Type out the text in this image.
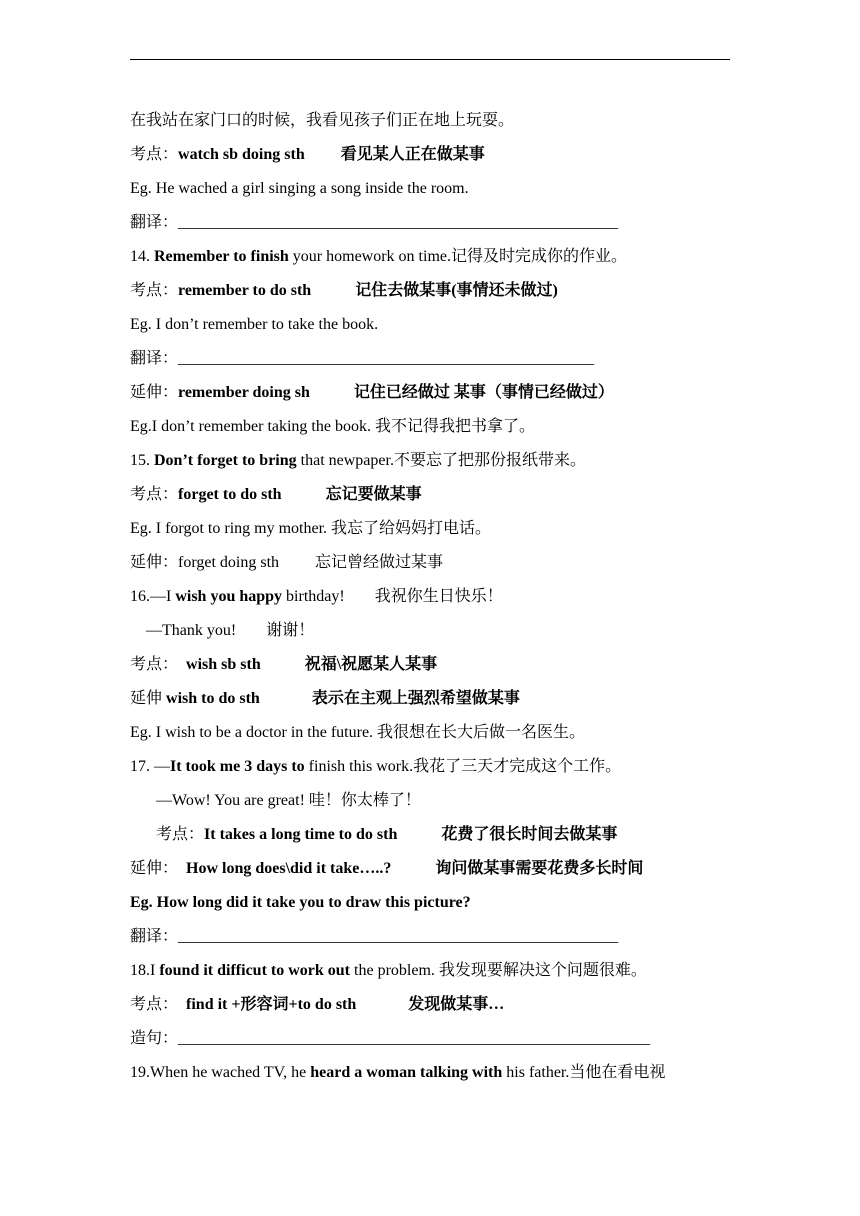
在我站在家门口的时候，我看见孩子们正在地上玩耍。
考点：watch sb doing sth 看见某人正在做某事
Eg. He wached a girl singing a song inside the room.
翻译：_______________________________________________________
14. Remember to finish your homework on time.记得及时完成你的作业。
考点：remember to do sth	记住去做某事(事情还未做过)
Eg. I don’t remember to take the book.
翻译：____________________________________________________
延伸：remember doing sh	记住已经做过 某事（事情已经做过）
Eg.I don’t remember taking the book. 我不记得我把书拿了。
15. Don’t forget to bring that newpaper.不要忘了把那份报纸带来。
考点：forget to do sth	忘记要做某事
Eg. I forgot to ring my mother. 我忘了给妈妈打电话。
延伸：forget doing sth 忘记曾经做过某事
16.—I wish you happy birthday! 我祝你生日快乐！
—Thank you! 谢谢！
考点： wish sb sth	祝福\祝愿某人某事
延伸 wish to do sth	表示在主观上强烈希望做某事
Eg. I wish to be a doctor in the future. 我很想在长大后做一名医生。
17. —It took me 3 days to finish this work.我花了三天才完成这个工作。
—Wow! You are great! 哇！你太棒了！
考点：It takes a long time to do sth	花费了很长时间去做某事
延伸： How long does\did it take…..?	询问做某事需要花费多长时间
Eg. How long did it take you to draw this picture?
翻译：_______________________________________________________
18.I found it difficut to work out the problem. 我发现要解决这个问题很难。
考点： find it +形容词+to do sth	发现做某事…
造句：___________________________________________________________
19.When he wached TV, he heard a woman talking with his father.当他在看电视
